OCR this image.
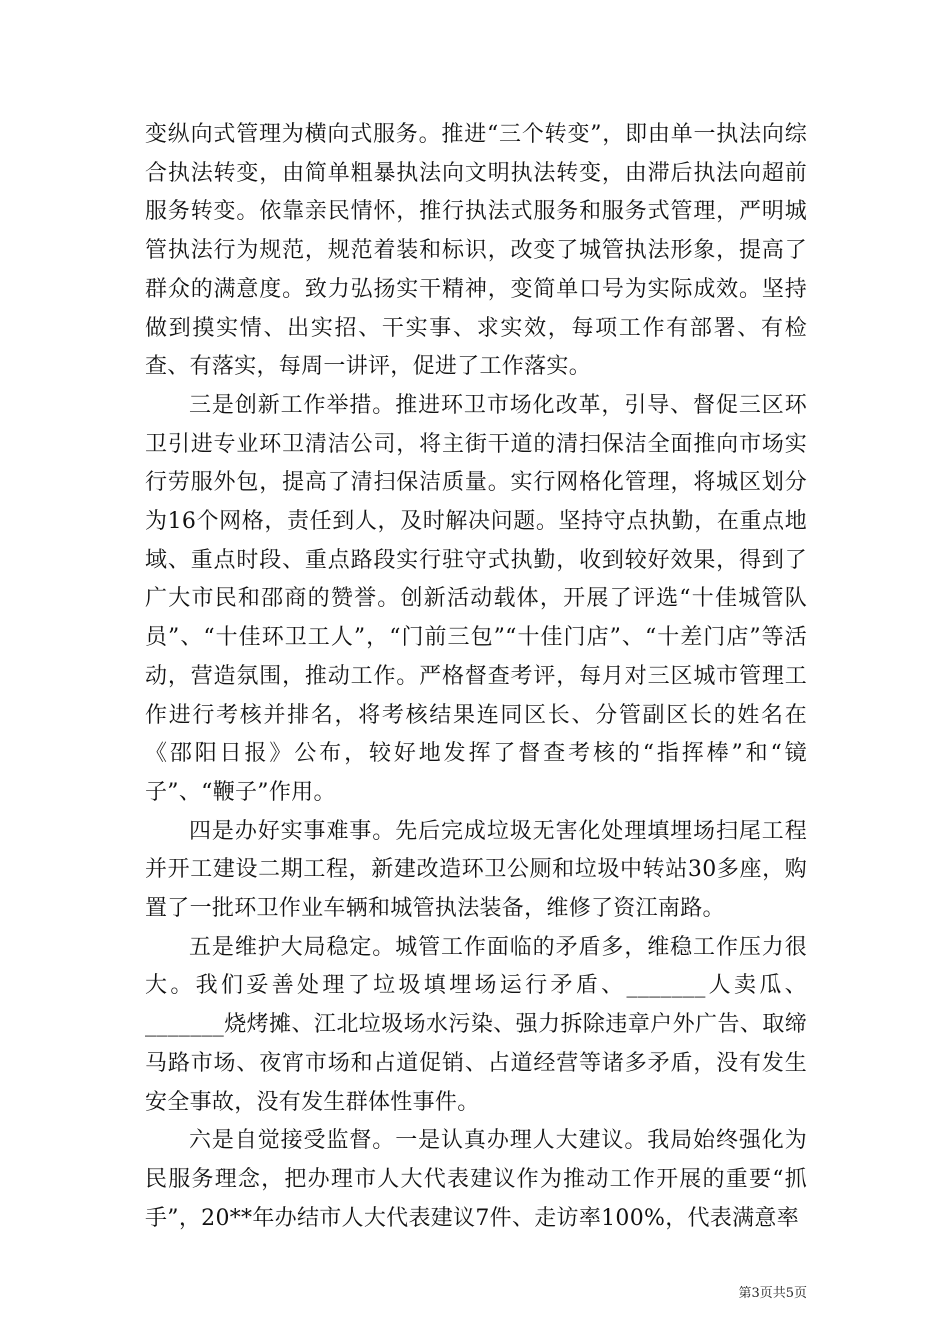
变纵向式管理为横向式服务。推进“三个转变”，即由单一执法向综合执法转变，由简单粗暴执法向文明执法转变，由滞后执法向超前服务转变。依靠亲民情怀，推行执法式服务和服务式管理，严明城管执法行为规范，规范着装和标识，改变了城管执法形象，提高了群众的满意度。致力弘扬实干精神，变简单口号为实际成效。坚持做到摸实情、出实招、干实事、求实效，每项工作有部署、有检查、有落实，每周一讲评，促进了工作落实。

三是创新工作举措。推进环卫市场化改革，引导、督促三区环卫引进专业环卫清洁公司，将主街干道的清扫保洁全面推向市场实行劳服外包，提高了清扫保洁质量。实行网格化管理，将城区划分为16个网格，责任到人，及时解决问题。坚持守点执勤，在重点地域、重点时段、重点路段实行驻守式执勤，收到较好效果，得到了广大市民和邵商的赞誉。创新活动载体，开展了评选“十佳城管队员”、“十佳环卫工人”，“门前三包”“十佳门店”、“十差门店”等活动，营造氛围，推动工作。严格督查考评，每月对三区城市管理工作进行考核并排名，将考核结果连同区长、分管副区长的姓名在《邵阳日报》公布，较好地发挥了督查考核的“指挥棒”和“镜子”、“鞭子”作用。

四是办好实事难事。先后完成垃圾无害化处理填埋场扫尾工程并开工建设二期工程，新建改造环卫公厕和垃圾中转站30多座，购置了一批环卫作业车辆和城管执法装备，维修了资江南路。

五是维护大局稳定。城管工作面临的矛盾多，维稳工作压力很大。我们妥善处理了垃圾填埋场运行矛盾、_______人卖瓜、_______烧烤摊、江北垃圾场水污染、强力拆除违章户外广告、取缔马路市场、夜宵市场和占道促销、占道经营等诸多矛盾，没有发生安全事故，没有发生群体性事件。

六是自觉接受监督。一是认真办理人大建议。我局始终强化为民服务理念，把办理市人大代表建议作为推动工作开展的重要“抓手”，20**年办结市人大代表建议7件、走访率100%，代表满意率

第3页共5页
